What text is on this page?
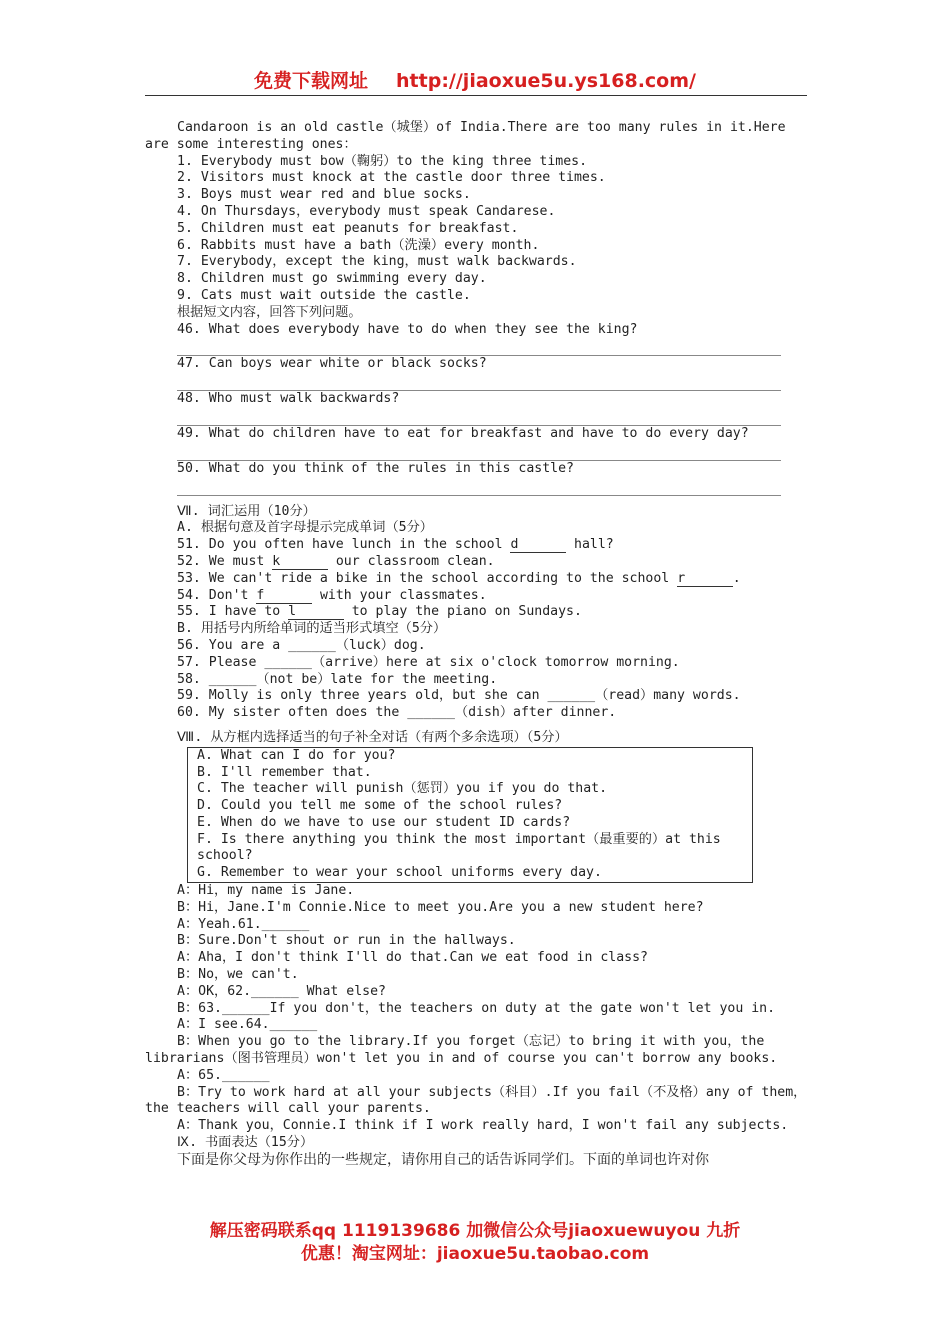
免费下载网址 http://jiaoxue5u.ys168.com/
Candaroon is an old castle（城堡）of India.There are too many rules in it.Here are some interesting ones：
1. Everybody must bow（鞠躬）to the king three times.
2. Visitors must knock at the castle door three times.
3. Boys must wear red and blue socks.
4. On Thursdays，everybody must speak Candarese.
5. Children must eat peanuts for breakfast.
6. Rabbits must have a bath（洗澡）every month.
7. Everybody，except the king，must walk backwards.
8. Children must go swimming every day.
9. Cats must wait outside the castle.
根据短文内容，回答下列问题。
46. What does everybody have to do when they see the king?
47. Can boys wear white or black socks?
48. Who must walk backwards?
49. What do children have to eat for breakfast and have to do every day?
50. What do you think of the rules in this castle?
Ⅶ. 词汇运用（10分）
A. 根据句意及首字母提示完成单词（5分）
51. Do you often have lunch in the school d	hall?
52. We must k	our classroom clean.
53. We can't ride a bike in the school according to the school r	.
54. Don't f	with your classmates.
55. I have to l	to play the piano on Sundays.
B. 用括号内所给单词的适当形式填空（5分）
56. You are a ______（luck）dog.
57. Please ______（arrive）here at six o'clock tomorrow morning.
58. ______（not be）late for the meeting.
59. Molly is only three years old，but she can ______（read）many words.
60. My sister often does the ______（dish）after dinner.
Ⅷ. 从方框内选择适当的句子补全对话（有两个多余选项）（5分）
A. What can I do for you?
B. I'll remember that.
C. The teacher will punish（惩罚）you if you do that.
D. Could you tell me some of the school rules?
E. When do we have to use our student ID cards?
F. Is there anything you think the most important（最重要的）at this school?
G. Remember to wear your school uniforms every day.
A：Hi，my name is Jane.
B：Hi，Jane.I'm Connie.Nice to meet you.Are you a new student here?
A：Yeah.61.______
B：Sure.Don't shout or run in the hallways.
A：Aha，I don't think I'll do that.Can we eat food in class?
B：No，we can't.
A：OK，62.______ What else?
B：63.______If you don't，the teachers on duty at the gate won't let you in.
A：I see.64.______
B：When you go to the library.If you forget（忘记）to bring it with you，the librarians（图书管理员）won't let you in and of course you can't borrow any books.
A：65.______
B：Try to work hard at all your subjects（科目）.If you fail（不及格）any of them，the teachers will call your parents.
A：Thank you，Connie.I think if I work really hard，I won't fail any subjects.
Ⅸ. 书面表达（15分）
下面是你父母为你作出的一些规定，请你用自己的话告诉同学们。下面的单词也许对你
解压密码联系qq 1119139686 加微信公众号jiaoxuewuyou 九折
优惠！淘宝网址：jiaoxue5u.taobao.com
